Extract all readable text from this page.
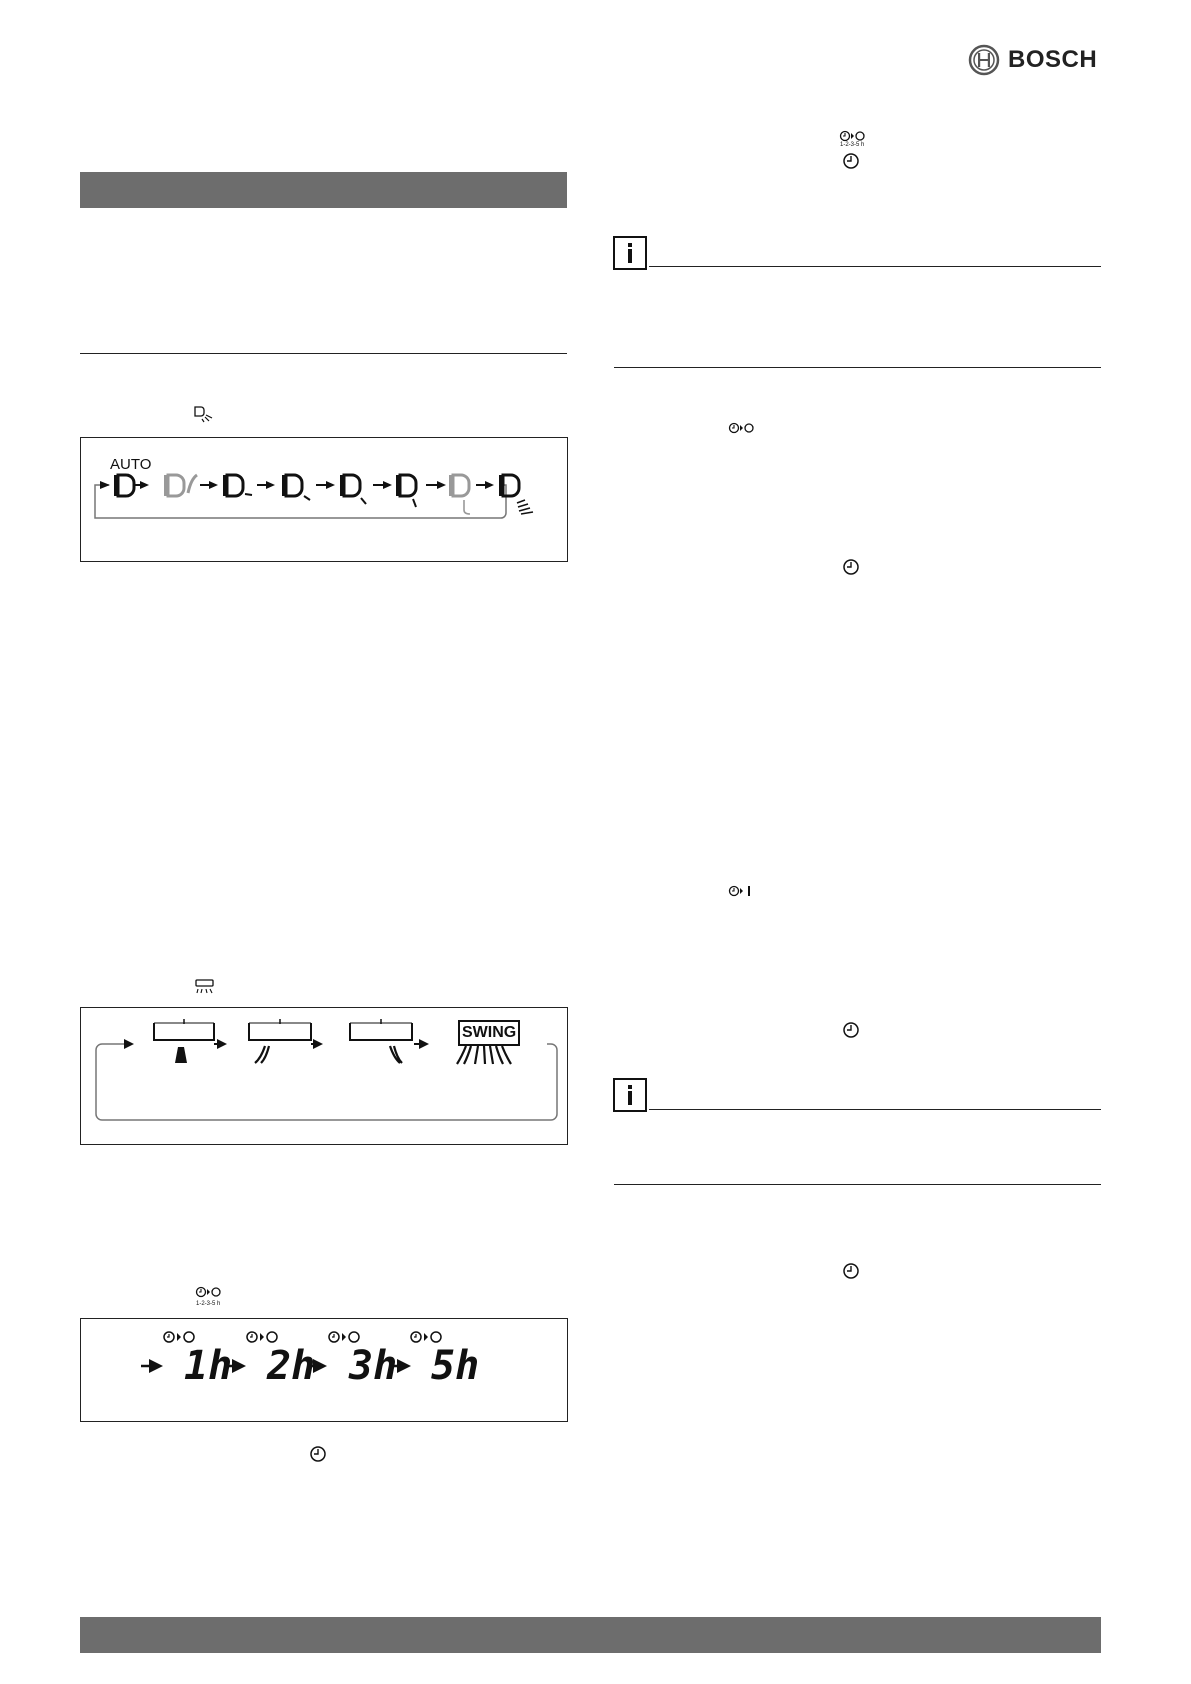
BOSCH
AUTO
SWING
1-2-3-5 h
1h 2h 3h 5h
1-2-3-5 h
